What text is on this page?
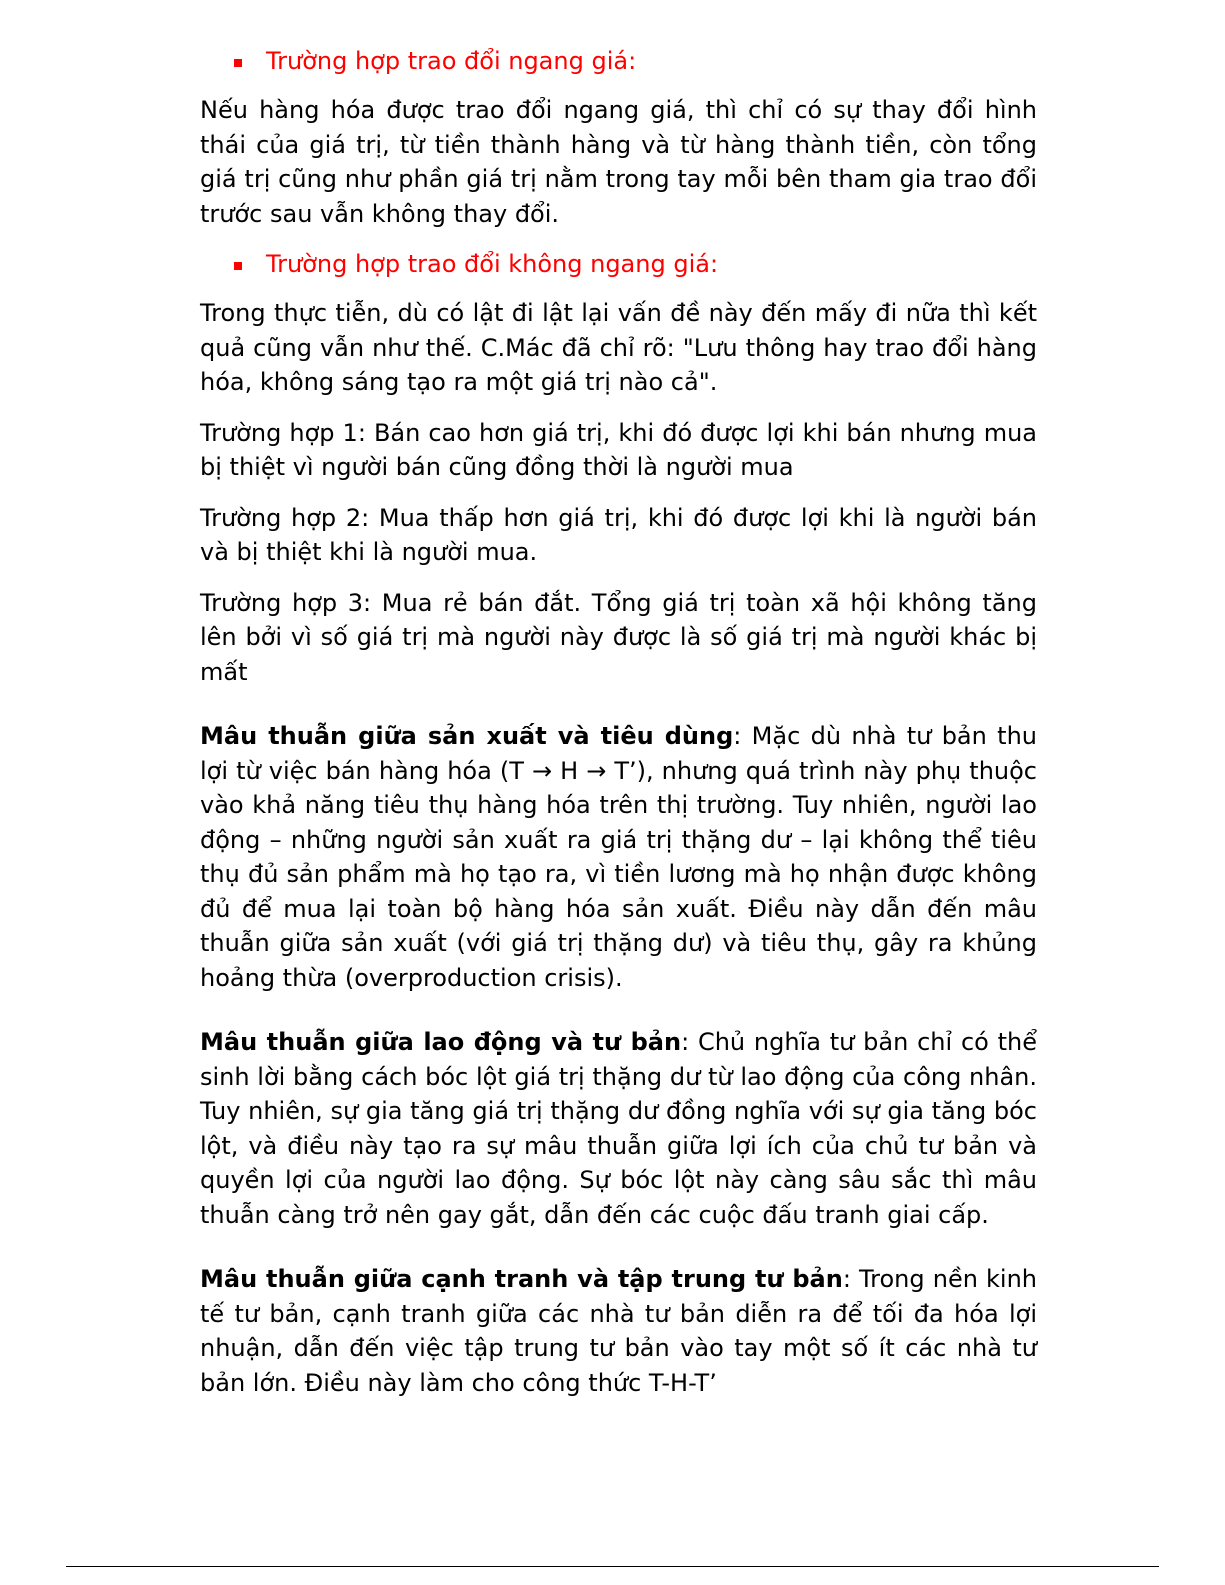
Trường hợp trao đổi ngang giá:

Nếu hàng hóa được trao đổi ngang giá, thì chỉ có sự thay đổi hình thái của giá trị, từ tiền thành hàng và từ hàng thành tiền, còn tổng giá trị cũng như phần giá trị nằm trong tay mỗi bên tham gia trao đổi trước sau vẫn không thay đổi.

Trường hợp trao đổi không ngang giá:

Trong thực tiễn, dù có lật đi lật lại vấn đề này đến mấy đi nữa thì kết quả cũng vẫn như thế. C.Mác đã chỉ rõ: "Lưu thông hay trao đổi hàng hóa, không sáng tạo ra một giá trị nào cả".

Trường hợp 1: Bán cao hơn giá trị, khi đó được lợi khi bán nhưng mua bị thiệt vì người bán cũng đồng thời là người mua

Trường hợp 2: Mua thấp hơn giá trị, khi đó được lợi khi là người bán và bị thiệt khi là người mua.

Trường hợp 3: Mua rẻ bán đắt. Tổng giá trị toàn xã hội không tăng lên bởi vì số giá trị mà người này được là số giá trị mà người khác bị mất

Mâu thuẫn giữa sản xuất và tiêu dùng: Mặc dù nhà tư bản thu lợi từ việc bán hàng hóa (T → H → T’), nhưng quá trình này phụ thuộc vào khả năng tiêu thụ hàng hóa trên thị trường. Tuy nhiên, người lao động – những người sản xuất ra giá trị thặng dư – lại không thể tiêu thụ đủ sản phẩm mà họ tạo ra, vì tiền lương mà họ nhận được không đủ để mua lại toàn bộ hàng hóa sản xuất. Điều này dẫn đến mâu thuẫn giữa sản xuất (với giá trị thặng dư) và tiêu thụ, gây ra khủng hoảng thừa (overproduction crisis).

Mâu thuẫn giữa lao động và tư bản: Chủ nghĩa tư bản chỉ có thể sinh lời bằng cách bóc lột giá trị thặng dư từ lao động của công nhân. Tuy nhiên, sự gia tăng giá trị thặng dư đồng nghĩa với sự gia tăng bóc lột, và điều này tạo ra sự mâu thuẫn giữa lợi ích của chủ tư bản và quyền lợi của người lao động. Sự bóc lột này càng sâu sắc thì mâu thuẫn càng trở nên gay gắt, dẫn đến các cuộc đấu tranh giai cấp.

Mâu thuẫn giữa cạnh tranh và tập trung tư bản: Trong nền kinh tế tư bản, cạnh tranh giữa các nhà tư bản diễn ra để tối đa hóa lợi nhuận, dẫn đến việc tập trung tư bản vào tay một số ít các nhà tư bản lớn. Điều này làm cho công thức T-H-T’
